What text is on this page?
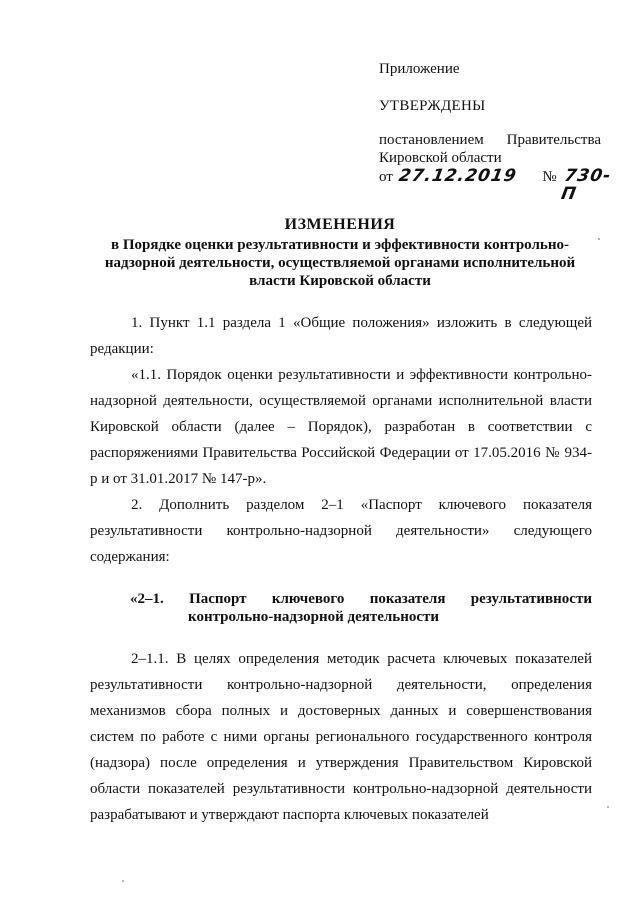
Приложение
УТВЕРЖДЕНЫ
постановлением Правительства
Кировской области
от 27.12.2019 № 730-П
ИЗМЕНЕНИЯ
в Порядке оценки результативности и эффективности контрольно-надзорной деятельности, осуществляемой органами исполнительной власти Кировской области

1. Пункт 1.1 раздела 1 «Общие положения» изложить в следующей редакции:

«1.1. Порядок оценки результативности и эффективности контрольно-надзорной деятельности, осуществляемой органами исполнительной власти Кировской области (далее – Порядок), разработан в соответствии с распоряжениями Правительства Российской Федерации от 17.05.2016 № 934-р и от 31.01.2017 № 147-р».

2. Дополнить разделом 2–1 «Паспорт ключевого показателя результативности контрольно-надзорной деятельности» следующего содержания:

«2–1. Паспорт ключевого показателя результативности
контрольно-надзорной деятельности

2–1.1. В целях определения методик расчета ключевых показателей результативности контрольно-надзорной деятельности, определения механизмов сбора полных и достоверных данных и совершенствования систем по работе с ними органы регионального государственного контроля (надзора) после определения и утверждения Правительством Кировской области показателей результативности контрольно-надзорной деятельности разрабатывают и утверждают паспорта ключевых показателей
